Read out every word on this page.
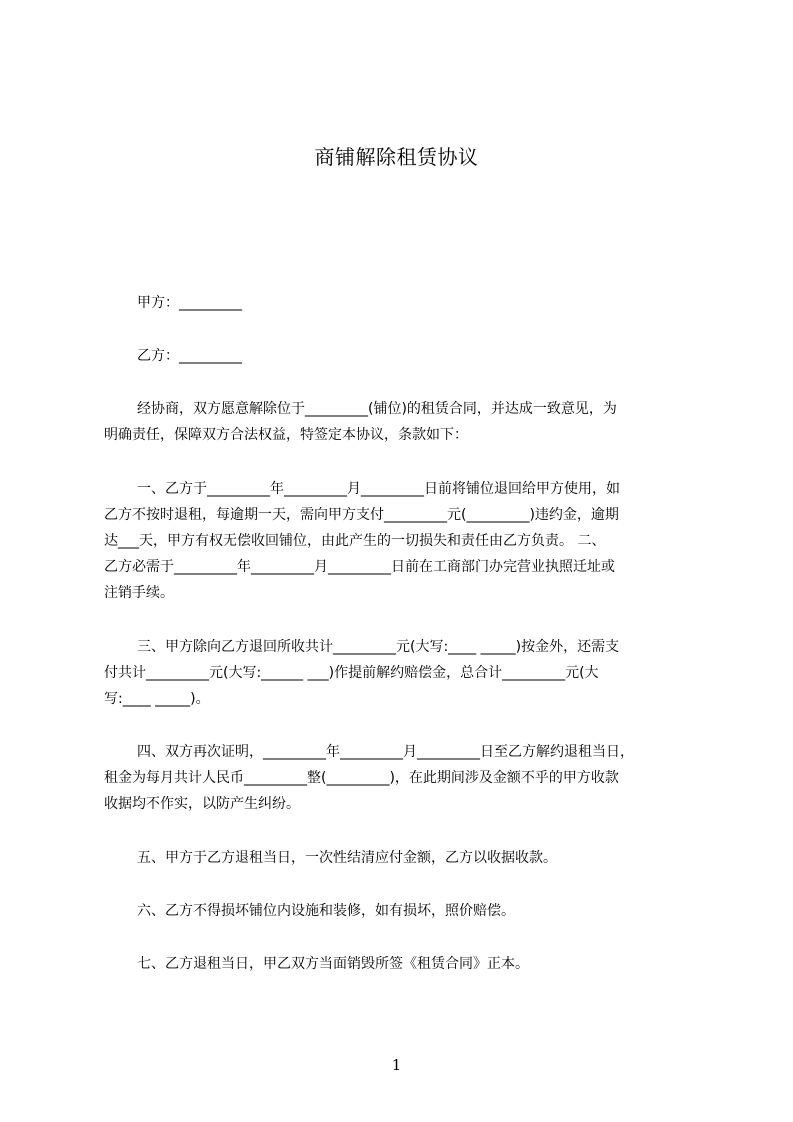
商铺解除租赁协议
甲方：_________
乙方：_________
经协商，双方愿意解除位于_________(铺位)的租赁合同，并达成一致意见，为
明确责任，保障双方合法权益，特签定本协议，条款如下：
一、乙方于_________年_________月_________日前将铺位退回给甲方使用，如
乙方不按时退租，每逾期一天，需向甲方支付_________元(_________)违约金，逾期
达___天，甲方有权无偿收回铺位，由此产生的一切损失和责任由乙方负责。 二、
乙方必需于_________年_________月_________日前在工商部门办完营业执照迁址或
注销手续。
三、甲方除向乙方退回所收共计_________元(大写:____ _____)按金外，还需支
付共计_________元(大写:______ ___)作提前解约赔偿金，总合计_________元(大
写:____ _____)。
四、双方再次证明，_________年_________月_________日至乙方解约退租当日，
租金为每月共计人民币_________整(_________)，在此期间涉及金额不乎的甲方收款
收据均不作实，以防产生纠纷。
五、甲方于乙方退租当日，一次性结清应付金额，乙方以收据收款。
六、乙方不得损坏铺位内设施和装修，如有损坏，照价赔偿。
七、乙方退租当日，甲乙双方当面销毁所签《租赁合同》正本。
1
